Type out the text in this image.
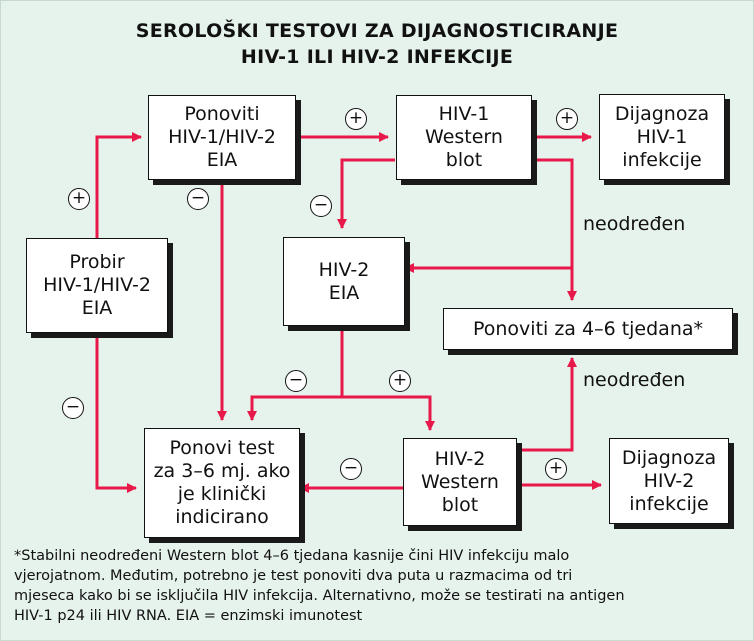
SEROLOŠKI TESTOVI ZA DIJAGNOSTICIRANJE
HIV-1 ILI HIV-2 INFEKCIJE
Probir
HIV-1/HIV-2
EIA
Ponoviti
HIV-1/HIV-2
EIA
HIV-1
Western
blot
Dijagnoza
HIV-1
infekcije
HIV-2
EIA
Ponoviti za 4–6 tjedana*
Ponovi test
za 3–6 mj. ako
je klinički
indicirano
HIV-2
Western
blot
Dijagnoza
HIV-2
infekcije
+
−
+
−
+
−
−	+
−	+
neodređen
neodređen
*Stabilni neodređeni Western blot 4–6 tjedana kasnije čini HIV infekciju malo
vjerojatnom. Međutim, potrebno je test ponoviti dva puta u razmacima od tri
mjeseca kako bi se isključila HIV infekcija. Alternativno, može se testirati na antigen
HIV-1 p24 ili HIV RNA. EIA = enzimski imunotest
